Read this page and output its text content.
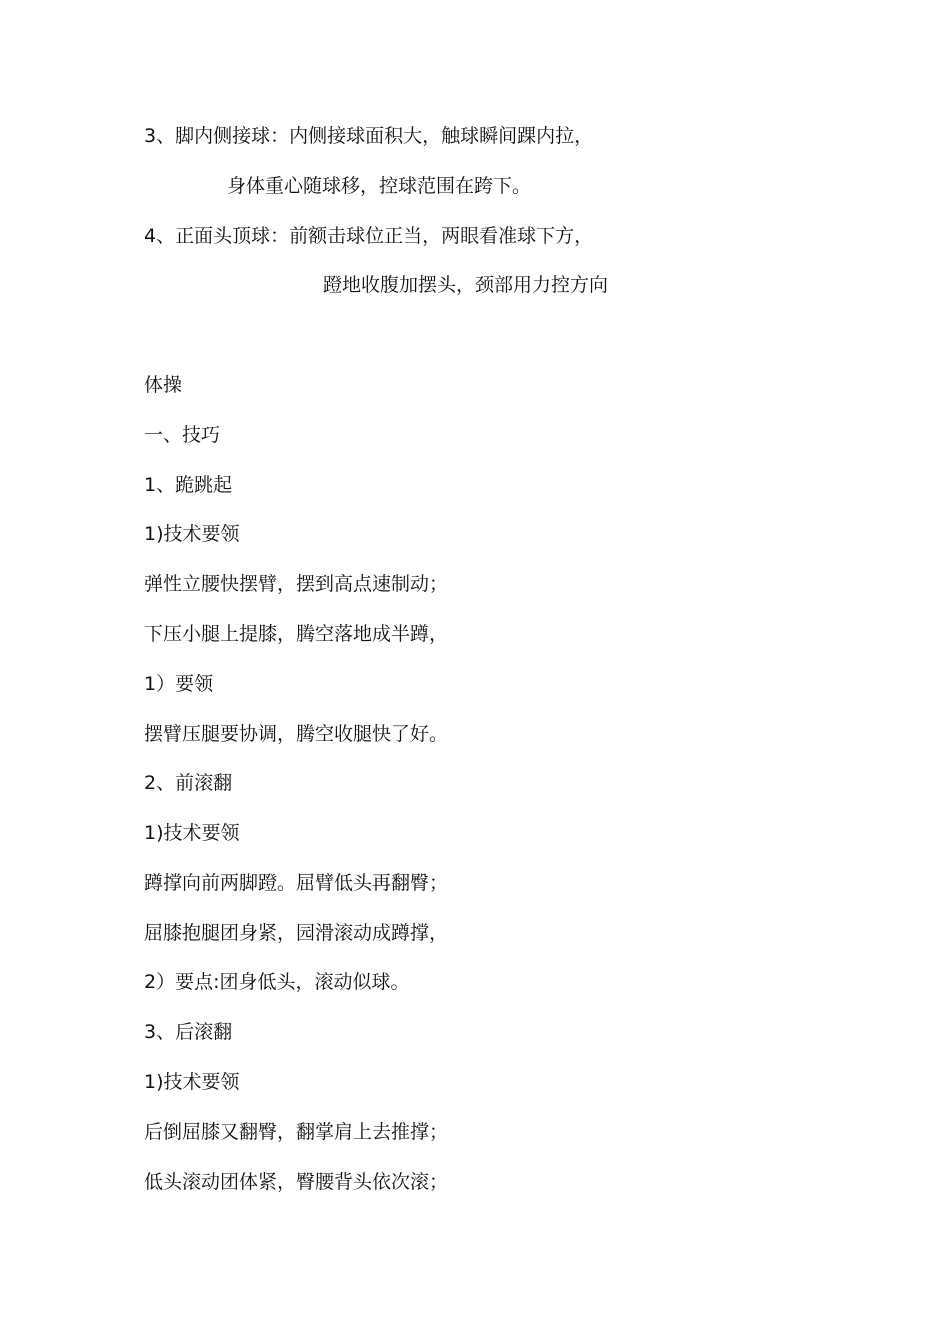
3、脚内侧接球：内侧接球面积大，触球瞬间踝内拉，
身体重心随球移，控球范围在跨下。
4、正面头顶球：前额击球位正当，两眼看准球下方，
蹬地收腹加摆头，颈部用力控方向
体操
一、技巧
1、跪跳起
1)技术要领
弹性立腰快摆臂，摆到高点速制动；
下压小腿上提膝，腾空落地成半蹲，
1）要领
摆臂压腿要协调，腾空收腿快了好。
2、前滚翻
1)技术要领
蹲撑向前两脚蹬。屈臂低头再翻臀；
屈膝抱腿团身紧，园滑滚动成蹲撑，
2）要点:团身低头，滚动似球。
3、后滚翻
1)技术要领
后倒屈膝又翻臀，翻掌肩上去推撑；
低头滚动团体紧，臀腰背头依次滚；
